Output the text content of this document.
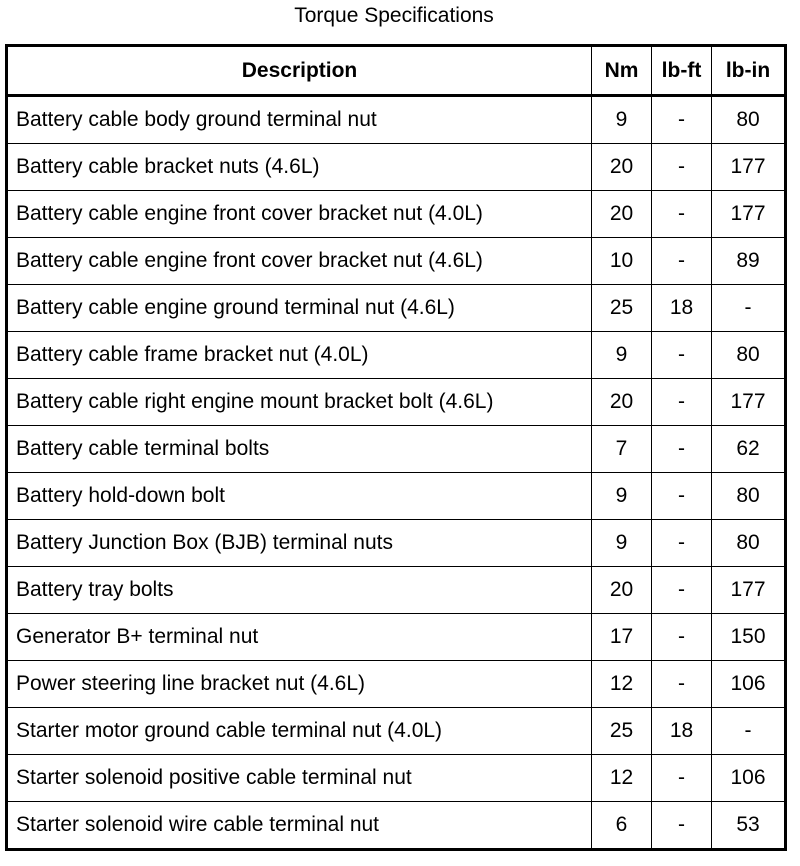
Torque Specifications
Description	Nm	lb-ft	lb-in
Battery cable body ground terminal nut	9	-	80
Battery cable bracket nuts (4.6L)	20	-	177
Battery cable engine front cover bracket nut (4.0L)	20	-	177
Battery cable engine front cover bracket nut (4.6L)	10	-	89
Battery cable engine ground terminal nut (4.6L)	25	18	-
Battery cable frame bracket nut (4.0L)	9	-	80
Battery cable right engine mount bracket bolt (4.6L)	20	-	177
Battery cable terminal bolts	7	-	62
Battery hold-down bolt	9	-	80
Battery Junction Box (BJB) terminal nuts	9	-	80
Battery tray bolts	20	-	177
Generator B+ terminal nut	17	-	150
Power steering line bracket nut (4.6L)	12	-	106
Starter motor ground cable terminal nut (4.0L)	25	18	-
Starter solenoid positive cable terminal nut	12	-	106
Starter solenoid wire cable terminal nut	6	-	53
